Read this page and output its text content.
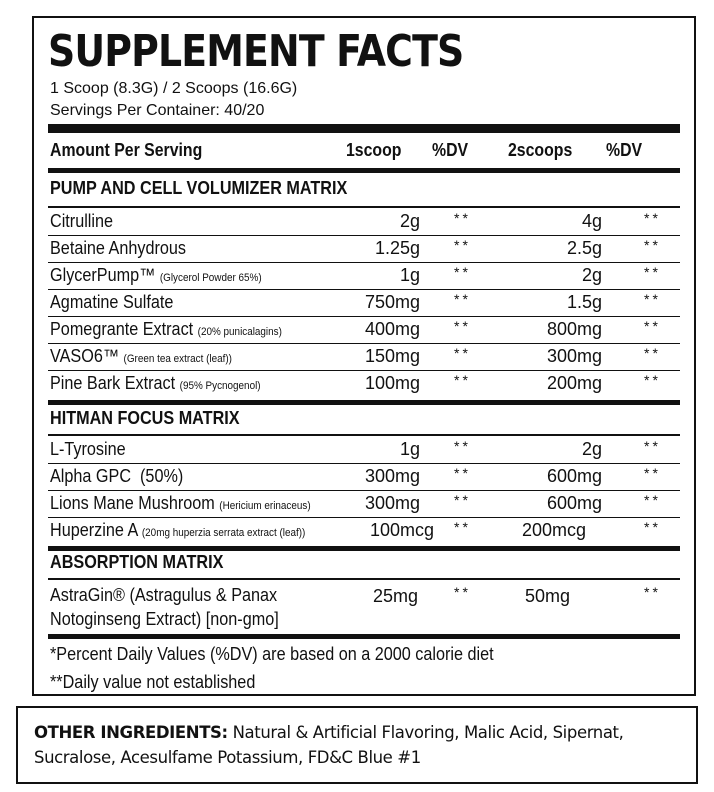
SUPPLEMENT FACTS
1 Scoop (8.3G) / 2 Scoops (16.6G)
Servings Per Container: 40/20
Amount Per Serving	1scoop %DV 2scoops %DV
PUMP AND CELL VOLUMIZER MATRIX
Citrulline	2g **	4g	**
Betaine Anhydrous	1.25g **	2.5g	**
GlycerPump™ (Glycerol Powder 65%)	1g **	2g	**
Agmatine Sulfate	750mg **	1.5g	**
Pomegrante Extract (20% punicalagins)	400mg **	800mg	**
VASO6™ (Green tea extract (leaf))	150mg **	300mg	**
Pine Bark Extract (95% Pycnogenol)	100mg **	200mg	**
HITMAN FOCUS MATRIX
L-Tyrosine	1g **	2g	**
Alpha GPC  (50%)	300mg **	600mg	**
Lions Mane Mushroom (Hericium erinaceus)	300mg **	600mg	**
Huperzine A (20mg huperzia serrata extract (leaf))	100mcg **	200mcg	**
ABSORPTION MATRIX
AstraGin® (Astragulus & Panax
Notoginseng Extract) [non-gmo]
25mg	**	50mg	**
*Percent Daily Values (%DV) are based on a 2000 calorie diet
**Daily value not established
OTHER INGREDIENTS: Natural & Artificial Flavoring, Malic Acid, Sipernat, Sucralose, Acesulfame Potassium, FD&C Blue #1
